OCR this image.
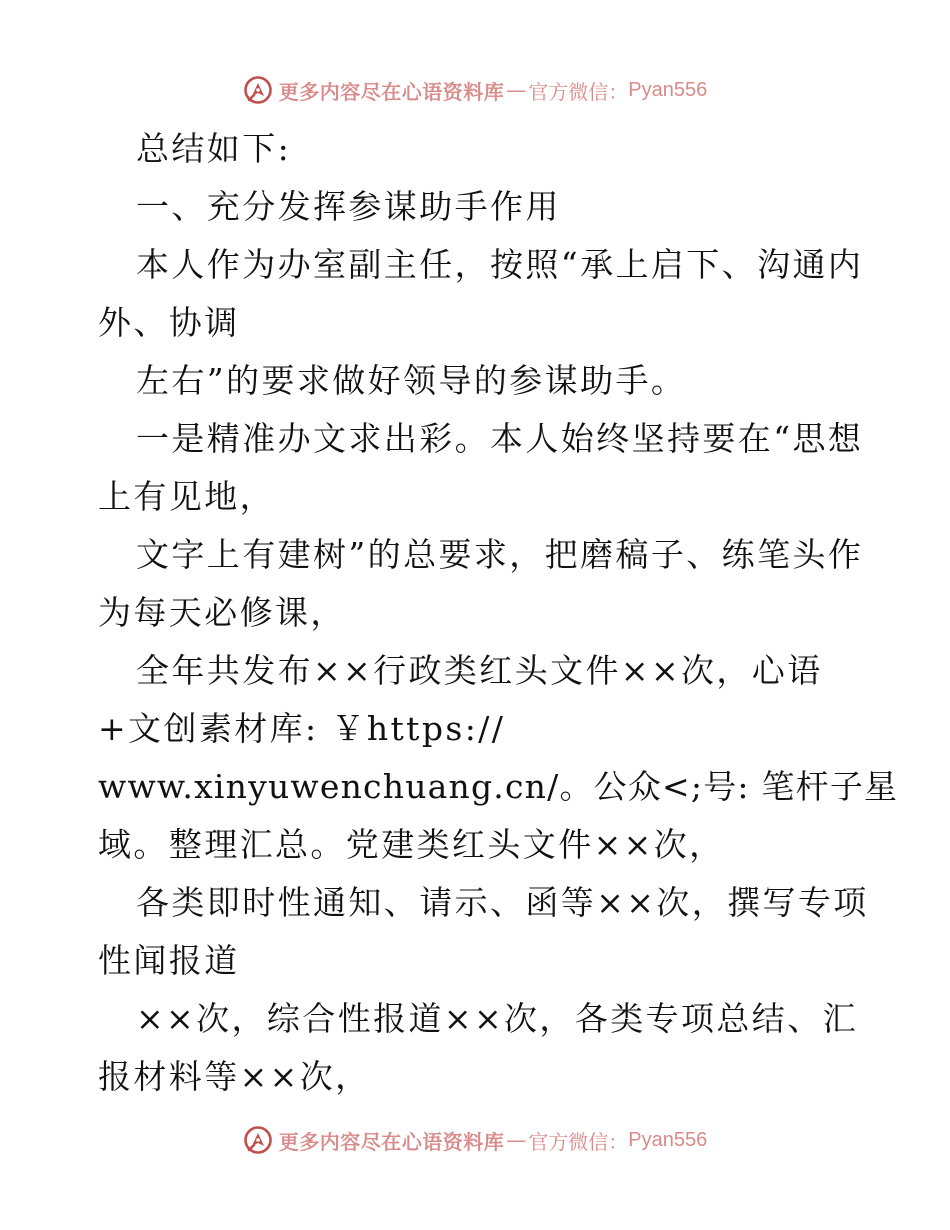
更多内容尽在心语资料库 — 官方微信： Pyan556
总结如下:
一、充分发挥参谋助手作用
本人作为办室副主任，按照“承上启下、沟通内
外、协调
左右”的要求做好领导的参谋助手。
一是精准办文求出彩。本人始终坚持要在“思想
上有见地，
文字上有建树”的总要求，把磨稿子、练笔头作
为每天必修课，
全年共发布××行政类红头文件××次，心语
+文创素材库: ￥https://
www.xinyuwenchuang.cn/。公众<;号: 笔杆子星
域。整理汇总。党建类红头文件××次，
各类即时性通知、请示、函等××次，撰写专项
性闻报道
××次，综合性报道××次，各类专项总结、汇
报材料等××次，
更多内容尽在心语资料库 — 官方微信： Pyan556
